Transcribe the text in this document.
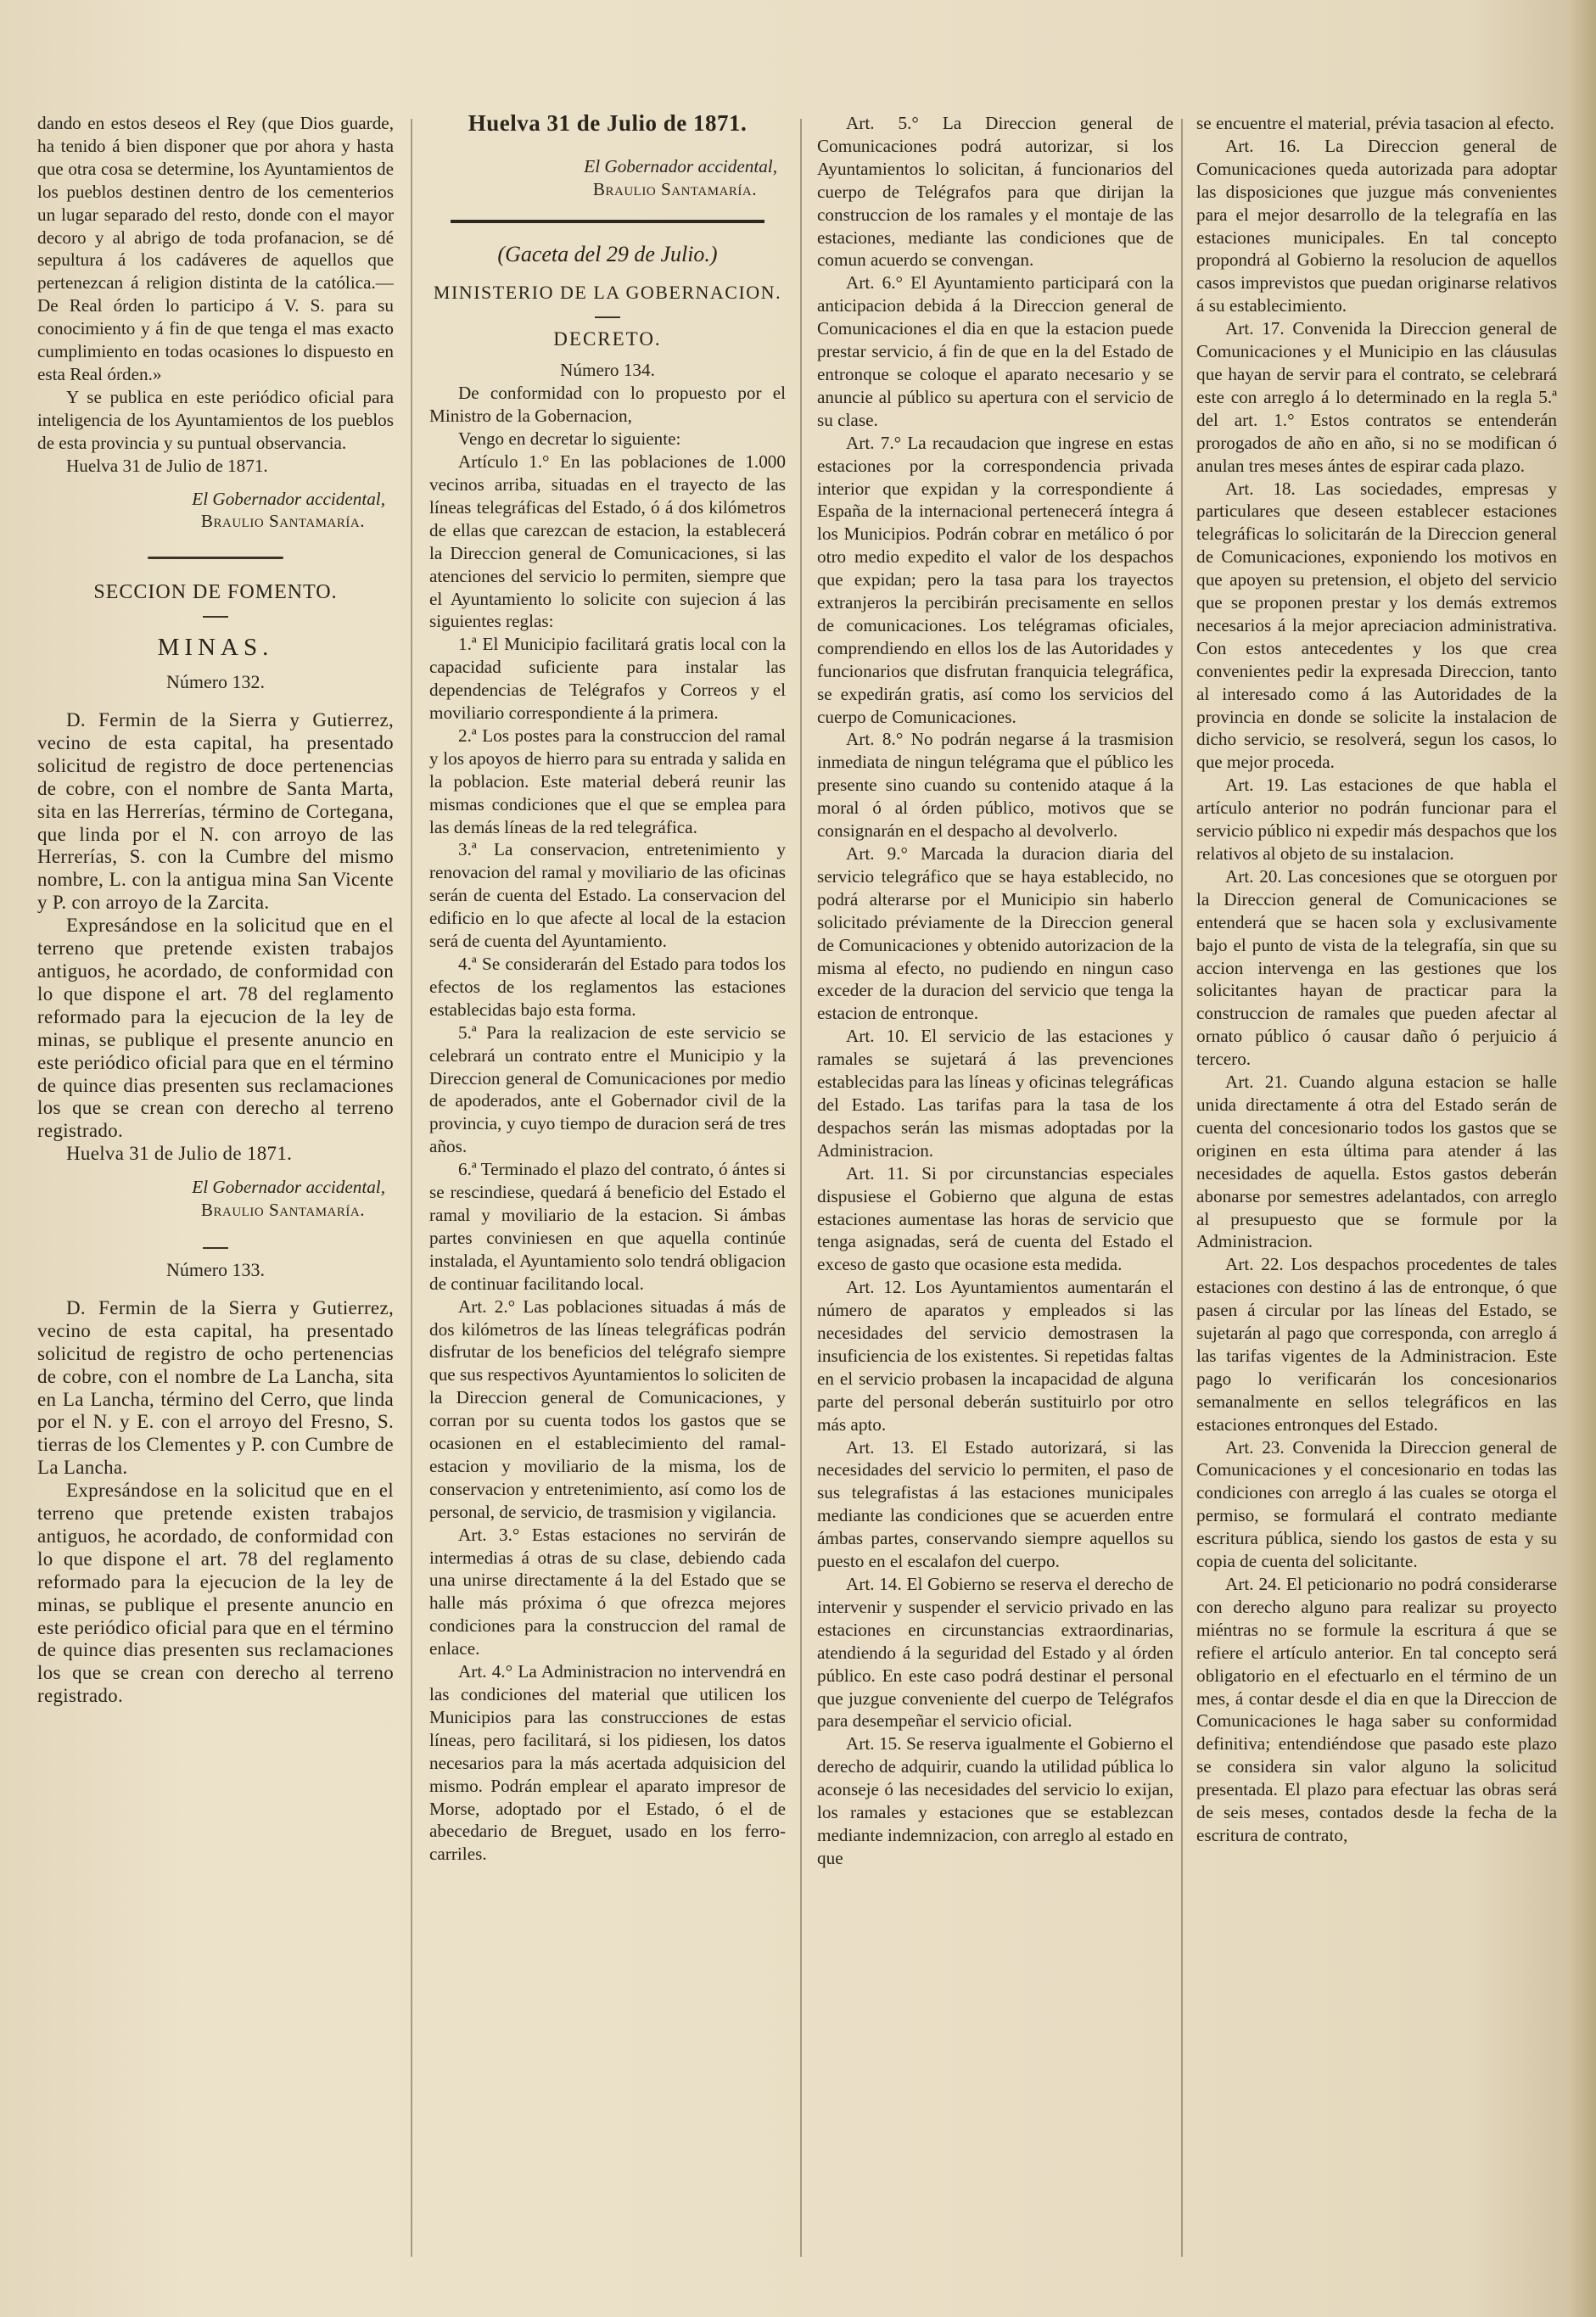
dando en estos deseos el Rey (que Dios guarde, ha tenido á bien disponer que por ahora y hasta que otra cosa se determine, los Ayuntamientos de los pueblos destinen dentro de los cementerios un lugar separado del resto, donde con el mayor decoro y al abrigo de toda profanacion, se dé sepultura á los cadáveres de aquellos que pertenezcan á religion distinta de la católica.—De Real órden lo participo á V. S. para su conocimiento y á fin de que tenga el mas exacto cumplimiento en todas ocasiones lo dispuesto en esta Real órden.»

Y se publica en este periódico oficial para inteligencia de los Ayuntamientos de los pueblos de esta provincia y su puntual observancia.

Huelva 31 de Julio de 1871.

El Gobernador accidental,

Braulio Santamaría.

SECCION DE FOMENTO.

MINAS.

Número 132.

D. Fermin de la Sierra y Gutierrez, vecino de esta capital, ha presentado solicitud de registro de doce pertenencias de cobre, con el nombre de Santa Marta, sita en las Herrerías, término de Cortegana, que linda por el N. con arroyo de las Herrerías, S. con la Cumbre del mismo nombre, L. con la antigua mina San Vicente y P. con arroyo de la Zarcita.

Expresándose en la solicitud que en el terreno que pretende existen trabajos antiguos, he acordado, de conformidad con lo que dispone el art. 78 del reglamento reformado para la ejecucion de la ley de minas, se publique el presente anuncio en este periódico oficial para que en el término de quince dias presenten sus reclamaciones los que se crean con derecho al terreno registrado.

Huelva 31 de Julio de 1871.

El Gobernador accidental,

Braulio Santamaría.

Número 133.

D. Fermin de la Sierra y Gutierrez, vecino de esta capital, ha presentado solicitud de registro de ocho pertenencias de cobre, con el nombre de La Lancha, sita en La Lancha, término del Cerro, que linda por el N. y E. con el arroyo del Fresno, S. tierras de los Clementes y P. con Cumbre de La Lancha.

Expresándose en la solicitud que en el terreno que pretende existen trabajos antiguos, he acordado, de conformidad con lo que dispone el art. 78 del reglamento reformado para la ejecucion de la ley de minas, se publique el presente anuncio en este periódico oficial para que en el término de quince dias presenten sus reclamaciones los que se crean con derecho al terreno registrado.

Huelva 31 de Julio de 1871.

El Gobernador accidental,

Braulio Santamaría.

(Gaceta del 29 de Julio.)

MINISTERIO DE LA GOBERNACION.

DECRETO.

Número 134.

De conformidad con lo propuesto por el Ministro de la Gobernacion,

Vengo en decretar lo siguiente:

Artículo 1.° En las poblaciones de 1.000 vecinos arriba, situadas en el trayecto de las líneas telegráficas del Estado, ó á dos kilómetros de ellas que carezcan de estacion, la establecerá la Direccion general de Comunicaciones, si las atenciones del servicio lo permiten, siempre que el Ayuntamiento lo solicite con sujecion á las siguientes reglas:

1.ª El Municipio facilitará gratis local con la capacidad suficiente para instalar las dependencias de Telégrafos y Correos y el moviliario correspondiente á la primera.

2.ª Los postes para la construccion del ramal y los apoyos de hierro para su entrada y salida en la poblacion. Este material deberá reunir las mismas condiciones que el que se emplea para las demás líneas de la red telegráfica.

3.ª La conservacion, entretenimiento y renovacion del ramal y moviliario de las oficinas serán de cuenta del Estado. La conservacion del edificio en lo que afecte al local de la estacion será de cuenta del Ayuntamiento.

4.ª Se considerarán del Estado para todos los efectos de los reglamentos las estaciones establecidas bajo esta forma.

5.ª Para la realizacion de este servicio se celebrará un contrato entre el Municipio y la Direccion general de Comunicaciones por medio de apoderados, ante el Gobernador civil de la provincia, y cuyo tiempo de duracion será de tres años.

6.ª Terminado el plazo del contrato, ó ántes si se rescindiese, quedará á beneficio del Estado el ramal y moviliario de la estacion. Si ámbas partes conviniesen en que aquella continúe instalada, el Ayuntamiento solo tendrá obligacion de continuar facilitando local.

Art. 2.° Las poblaciones situadas á más de dos kilómetros de las líneas telegráficas podrán disfrutar de los beneficios del telégrafo siempre que sus respectivos Ayuntamientos lo soliciten de la Direccion general de Comunicaciones, y corran por su cuenta todos los gastos que se ocasionen en el establecimiento del ramal-estacion y moviliario de la misma, los de conservacion y entretenimiento, así como los de personal, de servicio, de trasmision y vigilancia.

Art. 3.° Estas estaciones no servirán de intermedias á otras de su clase, debiendo cada una unirse directamente á la del Estado que se halle más próxima ó que ofrezca mejores condiciones para la construccion del ramal de enlace.

Art. 4.° La Administracion no intervendrá en las condiciones del material que utilicen los Municipios para las construcciones de estas líneas, pero facilitará, si los pidiesen, los datos necesarios para la más acertada adquisicion del mismo. Podrán emplear el aparato impresor de Morse, adoptado por el Estado, ó el de abecedario de Breguet, usado en los ferro-carriles.

Art. 5.° La Direccion general de Comunicaciones podrá autorizar, si los Ayuntamientos lo solicitan, á funcionarios del cuerpo de Telégrafos para que dirijan la construccion de los ramales y el montaje de las estaciones, mediante las condiciones que de comun acuerdo se convengan.

Art. 6.° El Ayuntamiento participará con la anticipacion debida á la Direccion general de Comunicaciones el dia en que la estacion puede prestar servicio, á fin de que en la del Estado de entronque se coloque el aparato necesario y se anuncie al público su apertura con el servicio de su clase.

Art. 7.° La recaudacion que ingrese en estas estaciones por la correspondencia privada interior que expidan y la correspondiente á España de la internacional pertenecerá íntegra á los Municipios. Podrán cobrar en metálico ó por otro medio expedito el valor de los despachos que expidan; pero la tasa para los trayectos extranjeros la percibirán precisamente en sellos de comunicaciones. Los telégramas oficiales, comprendiendo en ellos los de las Autoridades y funcionarios que disfrutan franquicia telegráfica, se expedirán gratis, así como los servicios del cuerpo de Comunicaciones.

Art. 8.° No podrán negarse á la trasmision inmediata de ningun telégrama que el público les presente sino cuando su contenido ataque á la moral ó al órden público, motivos que se consignarán en el despacho al devolverlo.

Art. 9.° Marcada la duracion diaria del servicio telegráfico que se haya establecido, no podrá alterarse por el Municipio sin haberlo solicitado préviamente de la Direccion general de Comunicaciones y obtenido autorizacion de la misma al efecto, no pudiendo en ningun caso exceder de la duracion del servicio que tenga la estacion de entronque.

Art. 10. El servicio de las estaciones y ramales se sujetará á las prevenciones establecidas para las líneas y oficinas telegráficas del Estado. Las tarifas para la tasa de los despachos serán las mismas adoptadas por la Administracion.

Art. 11. Si por circunstancias especiales dispusiese el Gobierno que alguna de estas estaciones aumentase las horas de servicio que tenga asignadas, será de cuenta del Estado el exceso de gasto que ocasione esta medida.

Art. 12. Los Ayuntamientos aumentarán el número de aparatos y empleados si las necesidades del servicio demostrasen la insuficiencia de los existentes. Si repetidas faltas en el servicio probasen la incapacidad de alguna parte del personal deberán sustituirlo por otro más apto.

Art. 13. El Estado autorizará, si las necesidades del servicio lo permiten, el paso de sus telegrafistas á las estaciones municipales mediante las condiciones que se acuerden entre ámbas partes, conservando siempre aquellos su puesto en el escalafon del cuerpo.

Art. 14. El Gobierno se reserva el derecho de intervenir y suspender el servicio privado en las estaciones en circunstancias extraordinarias, atendiendo á la seguridad del Estado y al órden público. En este caso podrá destinar el personal que juzgue conveniente del cuerpo de Telégrafos para desempeñar el servicio oficial.

Art. 15. Se reserva igualmente el Gobierno el derecho de adquirir, cuando la utilidad pública lo aconseje ó las necesidades del servicio lo exijan, los ramales y estaciones que se establezcan mediante indemnizacion, con arreglo al estado en que

se encuentre el material, prévia tasacion al efecto.

Art. 16. La Direccion general de Comunicaciones queda autorizada para adoptar las disposiciones que juzgue más convenientes para el mejor desarrollo de la telegrafía en las estaciones municipales. En tal concepto propondrá al Gobierno la resolucion de aquellos casos imprevistos que puedan originarse relativos á su establecimiento.

Art. 17. Convenida la Direccion general de Comunicaciones y el Municipio en las cláusulas que hayan de servir para el contrato, se celebrará este con arreglo á lo determinado en la regla 5.ª del art. 1.° Estos contratos se entenderán prorogados de año en año, si no se modifican ó anulan tres meses ántes de espirar cada plazo.

Art. 18. Las sociedades, empresas y particulares que deseen establecer estaciones telegráficas lo solicitarán de la Direccion general de Comunicaciones, exponiendo los motivos en que apoyen su pretension, el objeto del servicio que se proponen prestar y los demás extremos necesarios á la mejor apreciacion administrativa. Con estos antecedentes y los que crea convenientes pedir la expresada Direccion, tanto al interesado como á las Autoridades de la provincia en donde se solicite la instalacion de dicho servicio, se resolverá, segun los casos, lo que mejor proceda.

Art. 19. Las estaciones de que habla el artículo anterior no podrán funcionar para el servicio público ni expedir más despachos que los relativos al objeto de su instalacion.

Art. 20. Las concesiones que se otorguen por la Direccion general de Comunicaciones se entenderá que se hacen sola y exclusivamente bajo el punto de vista de la telegrafía, sin que su accion intervenga en las gestiones que los solicitantes hayan de practicar para la construccion de ramales que pueden afectar al ornato público ó causar daño ó perjuicio á tercero.

Art. 21. Cuando alguna estacion se halle unida directamente á otra del Estado serán de cuenta del concesionario todos los gastos que se originen en esta última para atender á las necesidades de aquella. Estos gastos deberán abonarse por semestres adelantados, con arreglo al presupuesto que se formule por la Administracion.

Art. 22. Los despachos procedentes de tales estaciones con destino á las de entronque, ó que pasen á circular por las líneas del Estado, se sujetarán al pago que corresponda, con arreglo á las tarifas vigentes de la Administracion. Este pago lo verificarán los concesionarios semanalmente en sellos telegráficos en las estaciones entronques del Estado.

Art. 23. Convenida la Direccion general de Comunicaciones y el concesionario en todas las condiciones con arreglo á las cuales se otorga el permiso, se formulará el contrato mediante escritura pública, siendo los gastos de esta y su copia de cuenta del solicitante.

Art. 24. El peticionario no podrá considerarse con derecho alguno para realizar su proyecto miéntras no se formule la escritura á que se refiere el artículo anterior. En tal concepto será obligatorio en el efectuarlo en el término de un mes, á contar desde el dia en que la Direccion de Comunicaciones le haga saber su conformidad definitiva; entendiéndose que pasado este plazo se considera sin valor alguno la solicitud presentada. El plazo para efectuar las obras será de seis meses, contados desde la fecha de la escritura de contrato,
